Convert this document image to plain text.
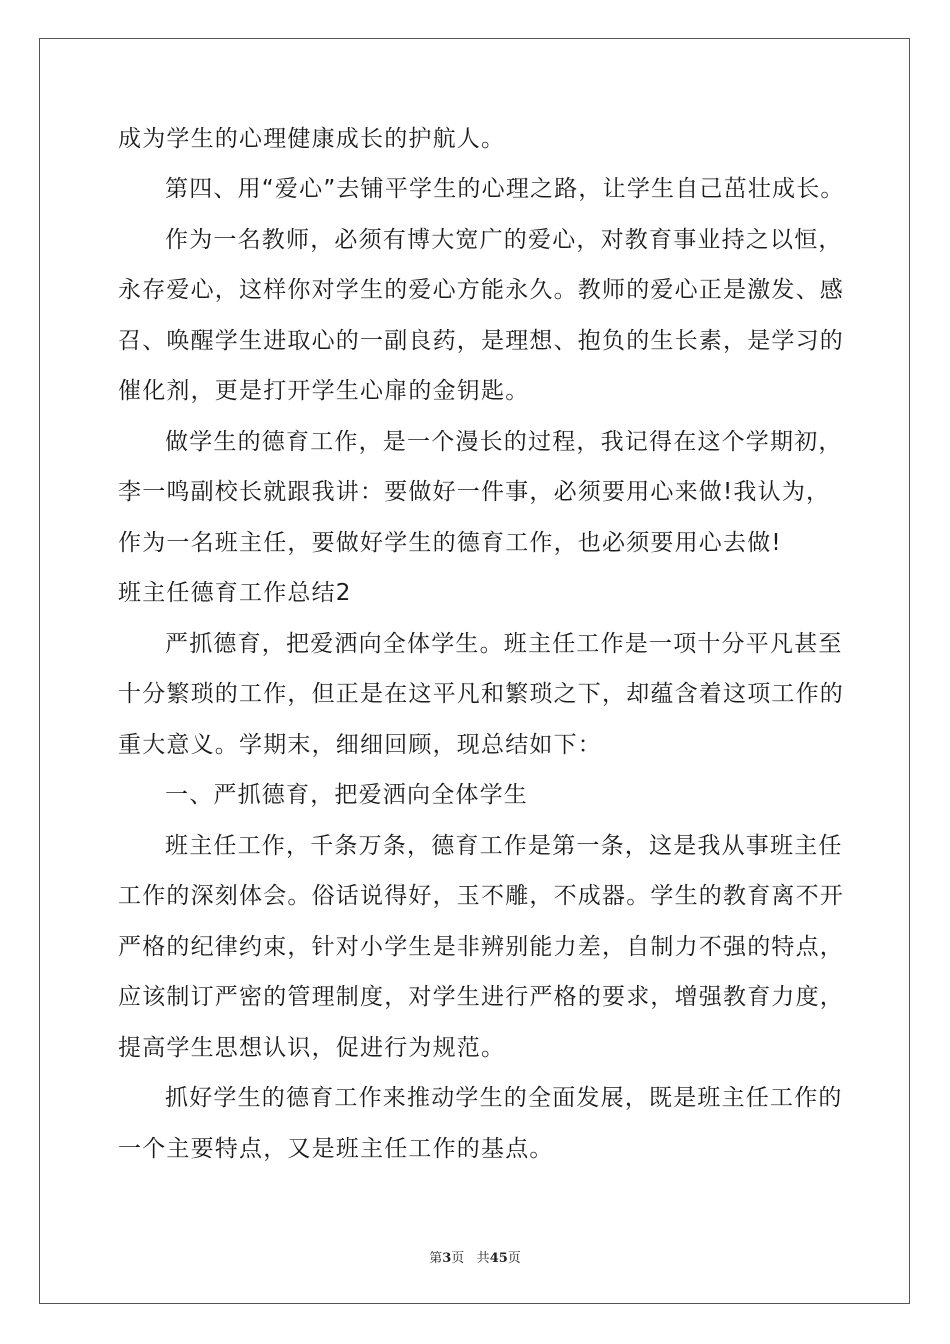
成为学生的心理健康成长的护航人。
第四、用“爱心”去铺平学生的心理之路，让学生自己茁壮成长。
作为一名教师，必须有博大宽广的爱心，对教育事业持之以恒，
永存爱心，这样你对学生的爱心方能永久。教师的爱心正是激发、感
召、唤醒学生进取心的一副良药，是理想、抱负的生长素，是学习的
催化剂，更是打开学生心扉的金钥匙。
做学生的德育工作，是一个漫长的过程，我记得在这个学期初，
李一鸣副校长就跟我讲：要做好一件事，必须要用心来做!我认为，
作为一名班主任，要做好学生的德育工作，也必须要用心去做!
班主任德育工作总结2
严抓德育，把爱洒向全体学生。班主任工作是一项十分平凡甚至
十分繁琐的工作，但正是在这平凡和繁琐之下，却蕴含着这项工作的
重大意义。学期末，细细回顾，现总结如下：
一、严抓德育，把爱洒向全体学生
班主任工作，千条万条，德育工作是第一条，这是我从事班主任
工作的深刻体会。俗话说得好，玉不雕，不成器。学生的教育离不开
严格的纪律约束，针对小学生是非辨别能力差，自制力不强的特点，
应该制订严密的管理制度，对学生进行严格的要求，增强教育力度，
提高学生思想认识，促进行为规范。
抓好学生的德育工作来推动学生的全面发展，既是班主任工作的
一个主要特点，又是班主任工作的基点。
第3页 共45页
